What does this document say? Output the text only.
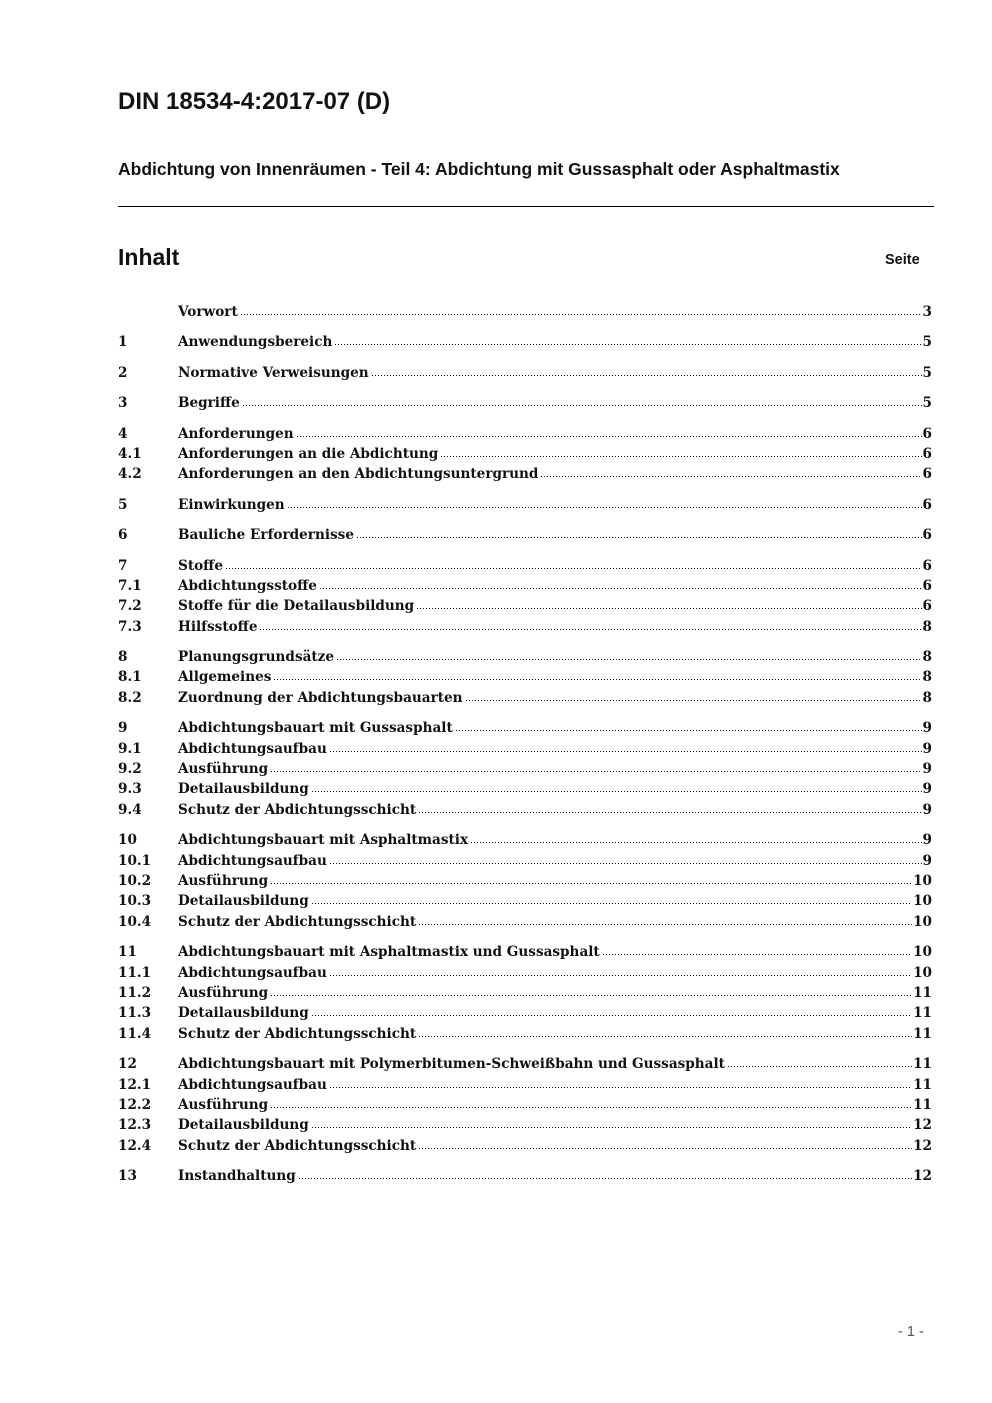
DIN 18534-4:2017-07 (D)
Abdichtung von Innenräumen - Teil 4: Abdichtung mit Gussasphalt oder Asphaltmastix
Inhalt	Seite
Vorwort	3
1	Anwendungsbereich	5
2	Normative Verweisungen	5
3	Begriffe	5
4	Anforderungen	6
4.1	Anforderungen an die Abdichtung	6
4.2	Anforderungen an den Abdichtungsuntergrund	6
5	Einwirkungen	6
6	Bauliche Erfordernisse	6
7	Stoffe	6
7.1	Abdichtungsstoffe	6
7.2	Stoffe für die Detailausbildung	6
7.3	Hilfsstoffe	8
8	Planungsgrundsätze	8
8.1	Allgemeines	8
8.2	Zuordnung der Abdichtungsbauarten	8
9	Abdichtungsbauart mit Gussasphalt	9
9.1	Abdichtungsaufbau	9
9.2	Ausführung	9
9.3	Detailausbildung	9
9.4	Schutz der Abdichtungsschicht	9
10	Abdichtungsbauart mit Asphaltmastix	9
10.1	Abdichtungsaufbau	9
10.2	Ausführung	10
10.3	Detailausbildung	10
10.4	Schutz der Abdichtungsschicht	10
11	Abdichtungsbauart mit Asphaltmastix und Gussasphalt	10
11.1	Abdichtungsaufbau	10
11.2	Ausführung	11
11.3	Detailausbildung	11
11.4	Schutz der Abdichtungsschicht	11
12	Abdichtungsbauart mit Polymerbitumen-Schweißbahn und Gussasphalt	11
12.1	Abdichtungsaufbau	11
12.2	Ausführung	11
12.3	Detailausbildung	12
12.4	Schutz der Abdichtungsschicht	12
13	Instandhaltung	12
- 1 -
